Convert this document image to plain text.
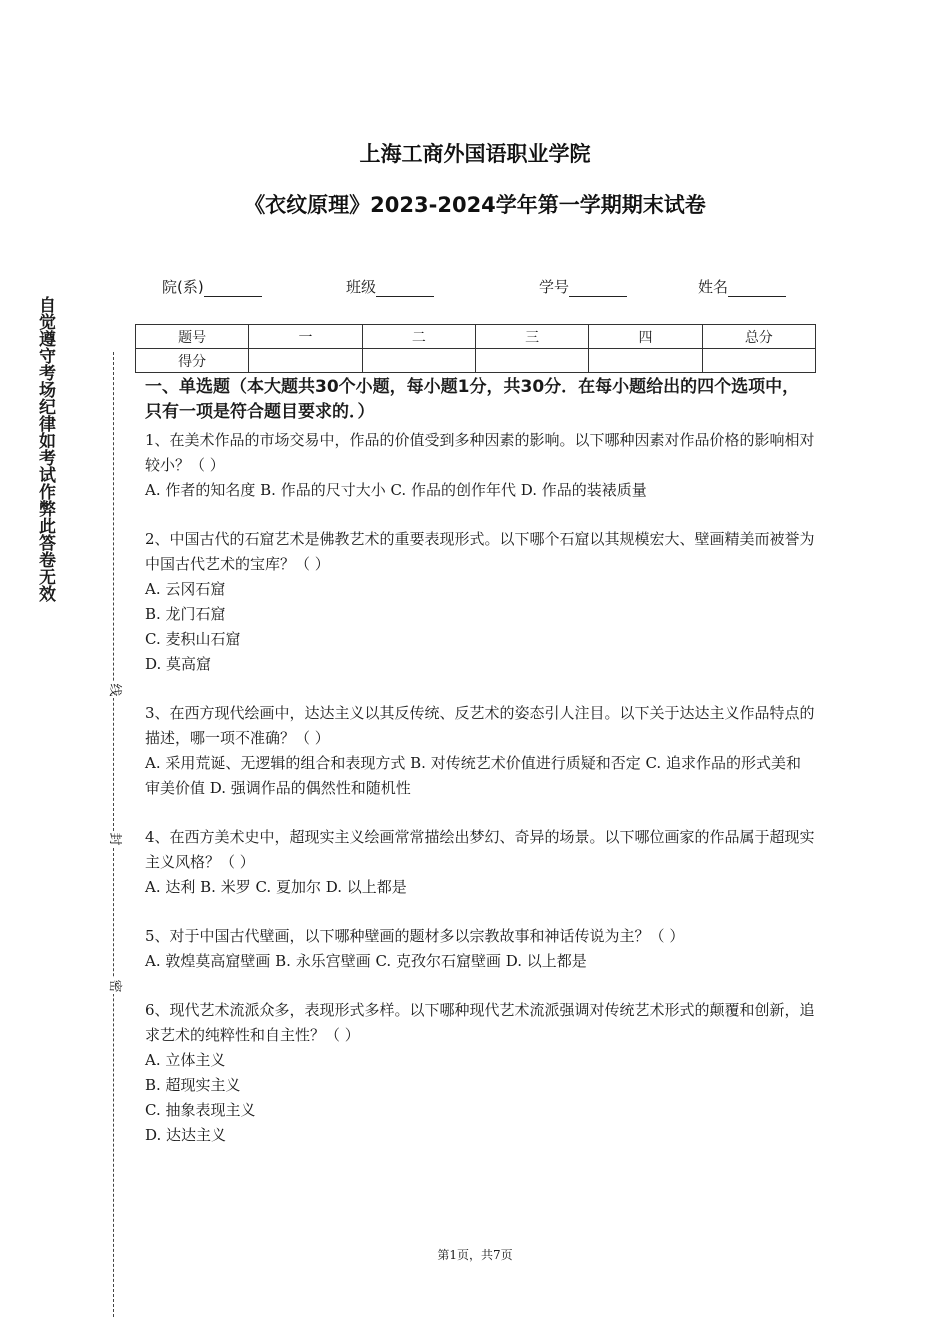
上海工商外国语职业学院
《衣纹原理》2023-2024学年第一学期期末试卷
院(系)	班级	学号	姓名
题号	一	二	三	四	总分
得分					
自觉遵守考场纪律如考试作弊此答卷无效
线
封
密
一、单选题（本大题共30个小题，每小题1分，共30分．在每小题给出的四个选项中，只有一项是符合题目要求的．）

1、在美术作品的市场交易中，作品的价值受到多种因素的影响。以下哪种因素对作品价格的影响相对较小？（ ）

A. 作者的知名度 B. 作品的尺寸大小 C. 作品的创作年代 D. 作品的装裱质量

2、中国古代的石窟艺术是佛教艺术的重要表现形式。以下哪个石窟以其规模宏大、壁画精美而被誉为中国古代艺术的宝库？（ ）

A. 云冈石窟

B. 龙门石窟

C. 麦积山石窟

D. 莫高窟

3、在西方现代绘画中，达达主义以其反传统、反艺术的姿态引人注目。以下关于达达主义作品特点的描述，哪一项不准确？（ ）

A. 采用荒诞、无逻辑的组合和表现方式 B. 对传统艺术价值进行质疑和否定 C. 追求作品的形式美和审美价值 D. 强调作品的偶然性和随机性

4、在西方美术史中，超现实主义绘画常常描绘出梦幻、奇异的场景。以下哪位画家的作品属于超现实主义风格？（ ）

A. 达利 B. 米罗 C. 夏加尔 D. 以上都是

5、对于中国古代壁画，以下哪种壁画的题材多以宗教故事和神话传说为主？（ ）

A. 敦煌莫高窟壁画 B. 永乐宫壁画 C. 克孜尔石窟壁画 D. 以上都是

6、现代艺术流派众多，表现形式多样。以下哪种现代艺术流派强调对传统艺术形式的颠覆和创新，追求艺术的纯粹性和自主性？（ ）

A. 立体主义

B. 超现实主义

C. 抽象表现主义

D. 达达主义

第1页，共7页
